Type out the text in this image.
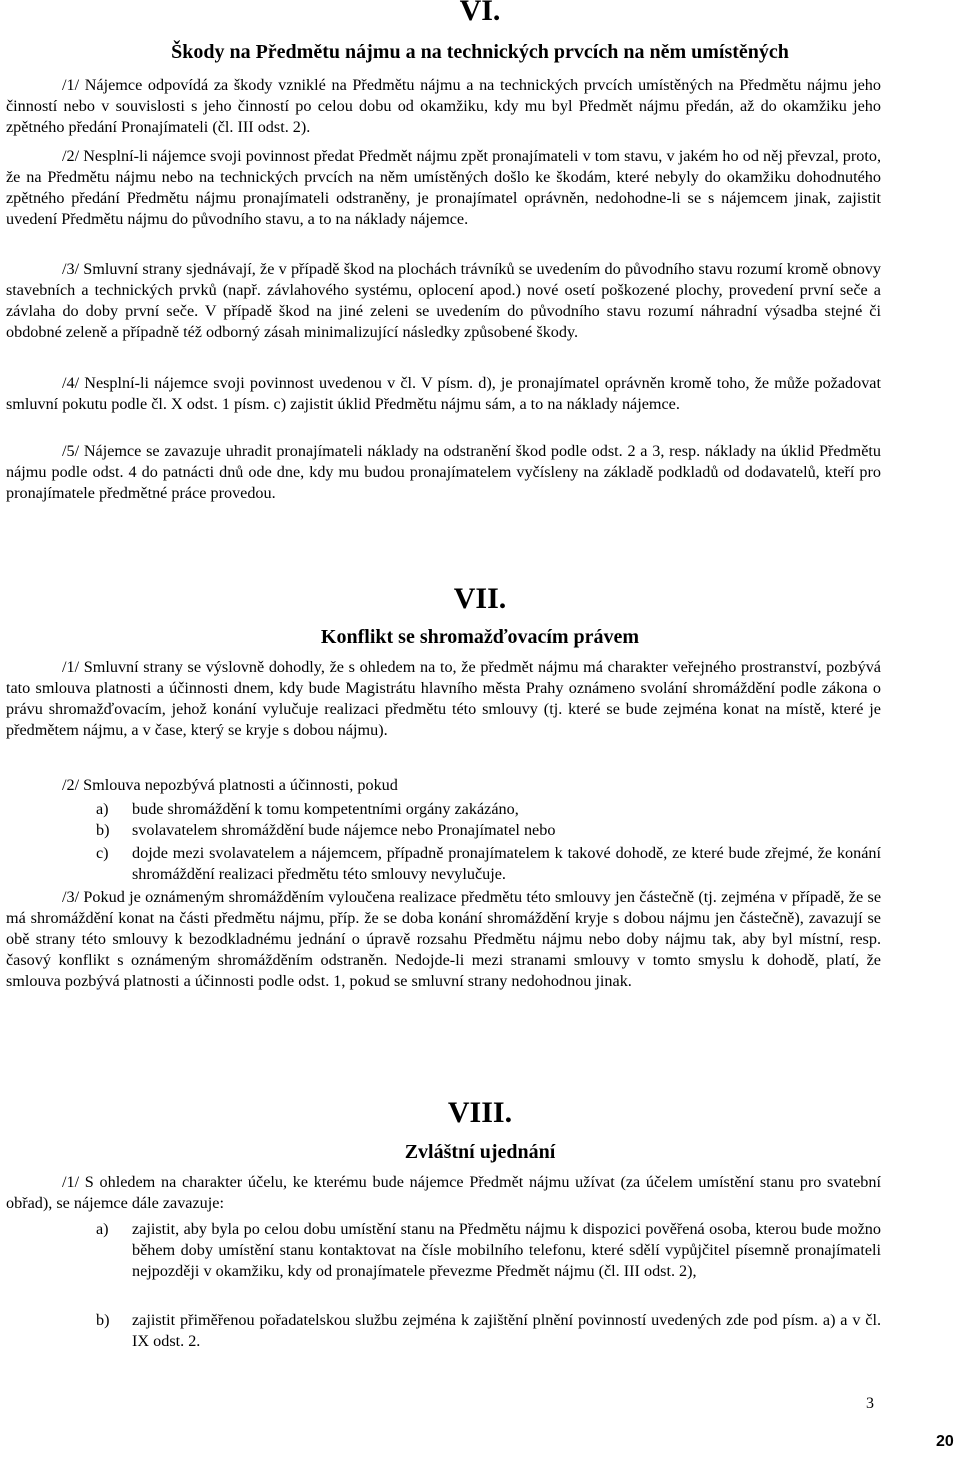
VI.
Škody na Předmětu nájmu a na technických prvcích na něm umístěných

/1/ Nájemce odpovídá za škody vzniklé na Předmětu nájmu a na technických prvcích umístěných na Předmětu nájmu jeho činností nebo v souvislosti s jeho činností po celou dobu od okamžiku, kdy mu byl Předmět nájmu předán, až do okamžiku jeho zpětného předání Pronajímateli (čl. III odst. 2).

/2/ Nesplní-li nájemce svoji povinnost předat Předmět nájmu zpět pronajímateli v tom stavu, v jakém ho od něj převzal, proto, že na Předmětu nájmu nebo na technických prvcích na něm umístěných došlo ke škodám, které nebyly do okamžiku dohodnutého zpětného předání Předmětu nájmu pronajímateli odstraněny, je pronajímatel oprávněn, nedohodne-li se s nájemcem jinak, zajistit uvedení Předmětu nájmu do původního stavu, a to na náklady nájemce.

/3/ Smluvní strany sjednávají, že v případě škod na plochách trávníků se uvedením do původního stavu rozumí kromě obnovy stavebních a technických prvků (např. závlahového systému, oplocení apod.) nové osetí poškozené plochy, provedení první seče a závlaha do doby první seče. V případě škod na jiné zeleni se uvedením do původního stavu rozumí náhradní výsadba stejné či obdobné zeleně a případně též odborný zásah minimalizující následky způsobené škody.

/4/ Nesplní-li nájemce svoji povinnost uvedenou v čl. V písm. d), je pronajímatel oprávněn kromě toho, že může požadovat smluvní pokutu podle čl. X odst. 1 písm. c) zajistit úklid Předmětu nájmu sám, a to na náklady nájemce.

/5/ Nájemce se zavazuje uhradit pronajímateli náklady na odstranění škod podle odst. 2 a 3, resp. náklady na úklid Předmětu nájmu podle odst. 4 do patnácti dnů ode dne, kdy mu budou pronajímatelem vyčísleny na základě podkladů od dodavatelů, kteří pro pronajímatele předmětné práce provedou.

VII.
Konflikt se shromažďovacím právem

/1/ Smluvní strany se výslovně dohodly, že s ohledem na to, že předmět nájmu má charakter veřejného prostranství, pozbývá tato smlouva platnosti a účinnosti dnem, kdy bude Magistrátu hlavního města Prahy oznámeno svolání shromáždění podle zákona o právu shromažďovacím, jehož konání vylučuje realizaci předmětu této smlouvy (tj. které se bude zejména konat na místě, které je předmětem nájmu, a v čase, který se kryje s dobou nájmu).

/2/ Smlouva nepozbývá platnosti a účinnosti, pokud

a) bude shromáždění k tomu kompetentními orgány zakázáno,
b) svolavatelem shromáždění bude nájemce nebo Pronajímatel nebo
c) dojde mezi svolavatelem a nájemcem, případně pronajímatelem k takové dohodě, ze které bude zřejmé, že konání shromáždění realizaci předmětu této smlouvy nevylučuje.

/3/ Pokud je oznámeným shromážděním vyloučena realizace předmětu této smlouvy jen částečně (tj. zejména v případě, že se má shromáždění konat na části předmětu nájmu, příp. že se doba konání shromáždění kryje s dobou nájmu jen částečně), zavazují se obě strany této smlouvy k bezodkladnému jednání o úpravě rozsahu Předmětu nájmu nebo doby nájmu tak, aby byl místní, resp. časový konflikt s oznámeným shromážděním odstraněn. Nedojde-li mezi stranami smlouvy v tomto smyslu k dohodě, platí, že smlouva pozbývá platnosti a účinnosti podle odst. 1, pokud se smluvní strany nedohodnou jinak.

VIII.
Zvláštní ujednání

/1/ S ohledem na charakter účelu, ke kterému bude nájemce Předmět nájmu užívat (za účelem umístění stanu pro svatební obřad), se nájemce dále zavazuje:

a) zajistit, aby byla po celou dobu umístění stanu na Předmětu nájmu k dispozici pověřená osoba, kterou bude možno během doby umístění stanu kontaktovat na čísle mobilního telefonu, které sdělí vypůjčitel písemně pronajímateli nejpozději v okamžiku, kdy od pronajímatele převezme Předmět nájmu (čl. III odst. 2),
b) zajistit přiměřenou pořadatelskou službu zejména k zajištění plnění povinností uvedených zde pod písm. a) a v čl. IX odst. 2.
3
20
